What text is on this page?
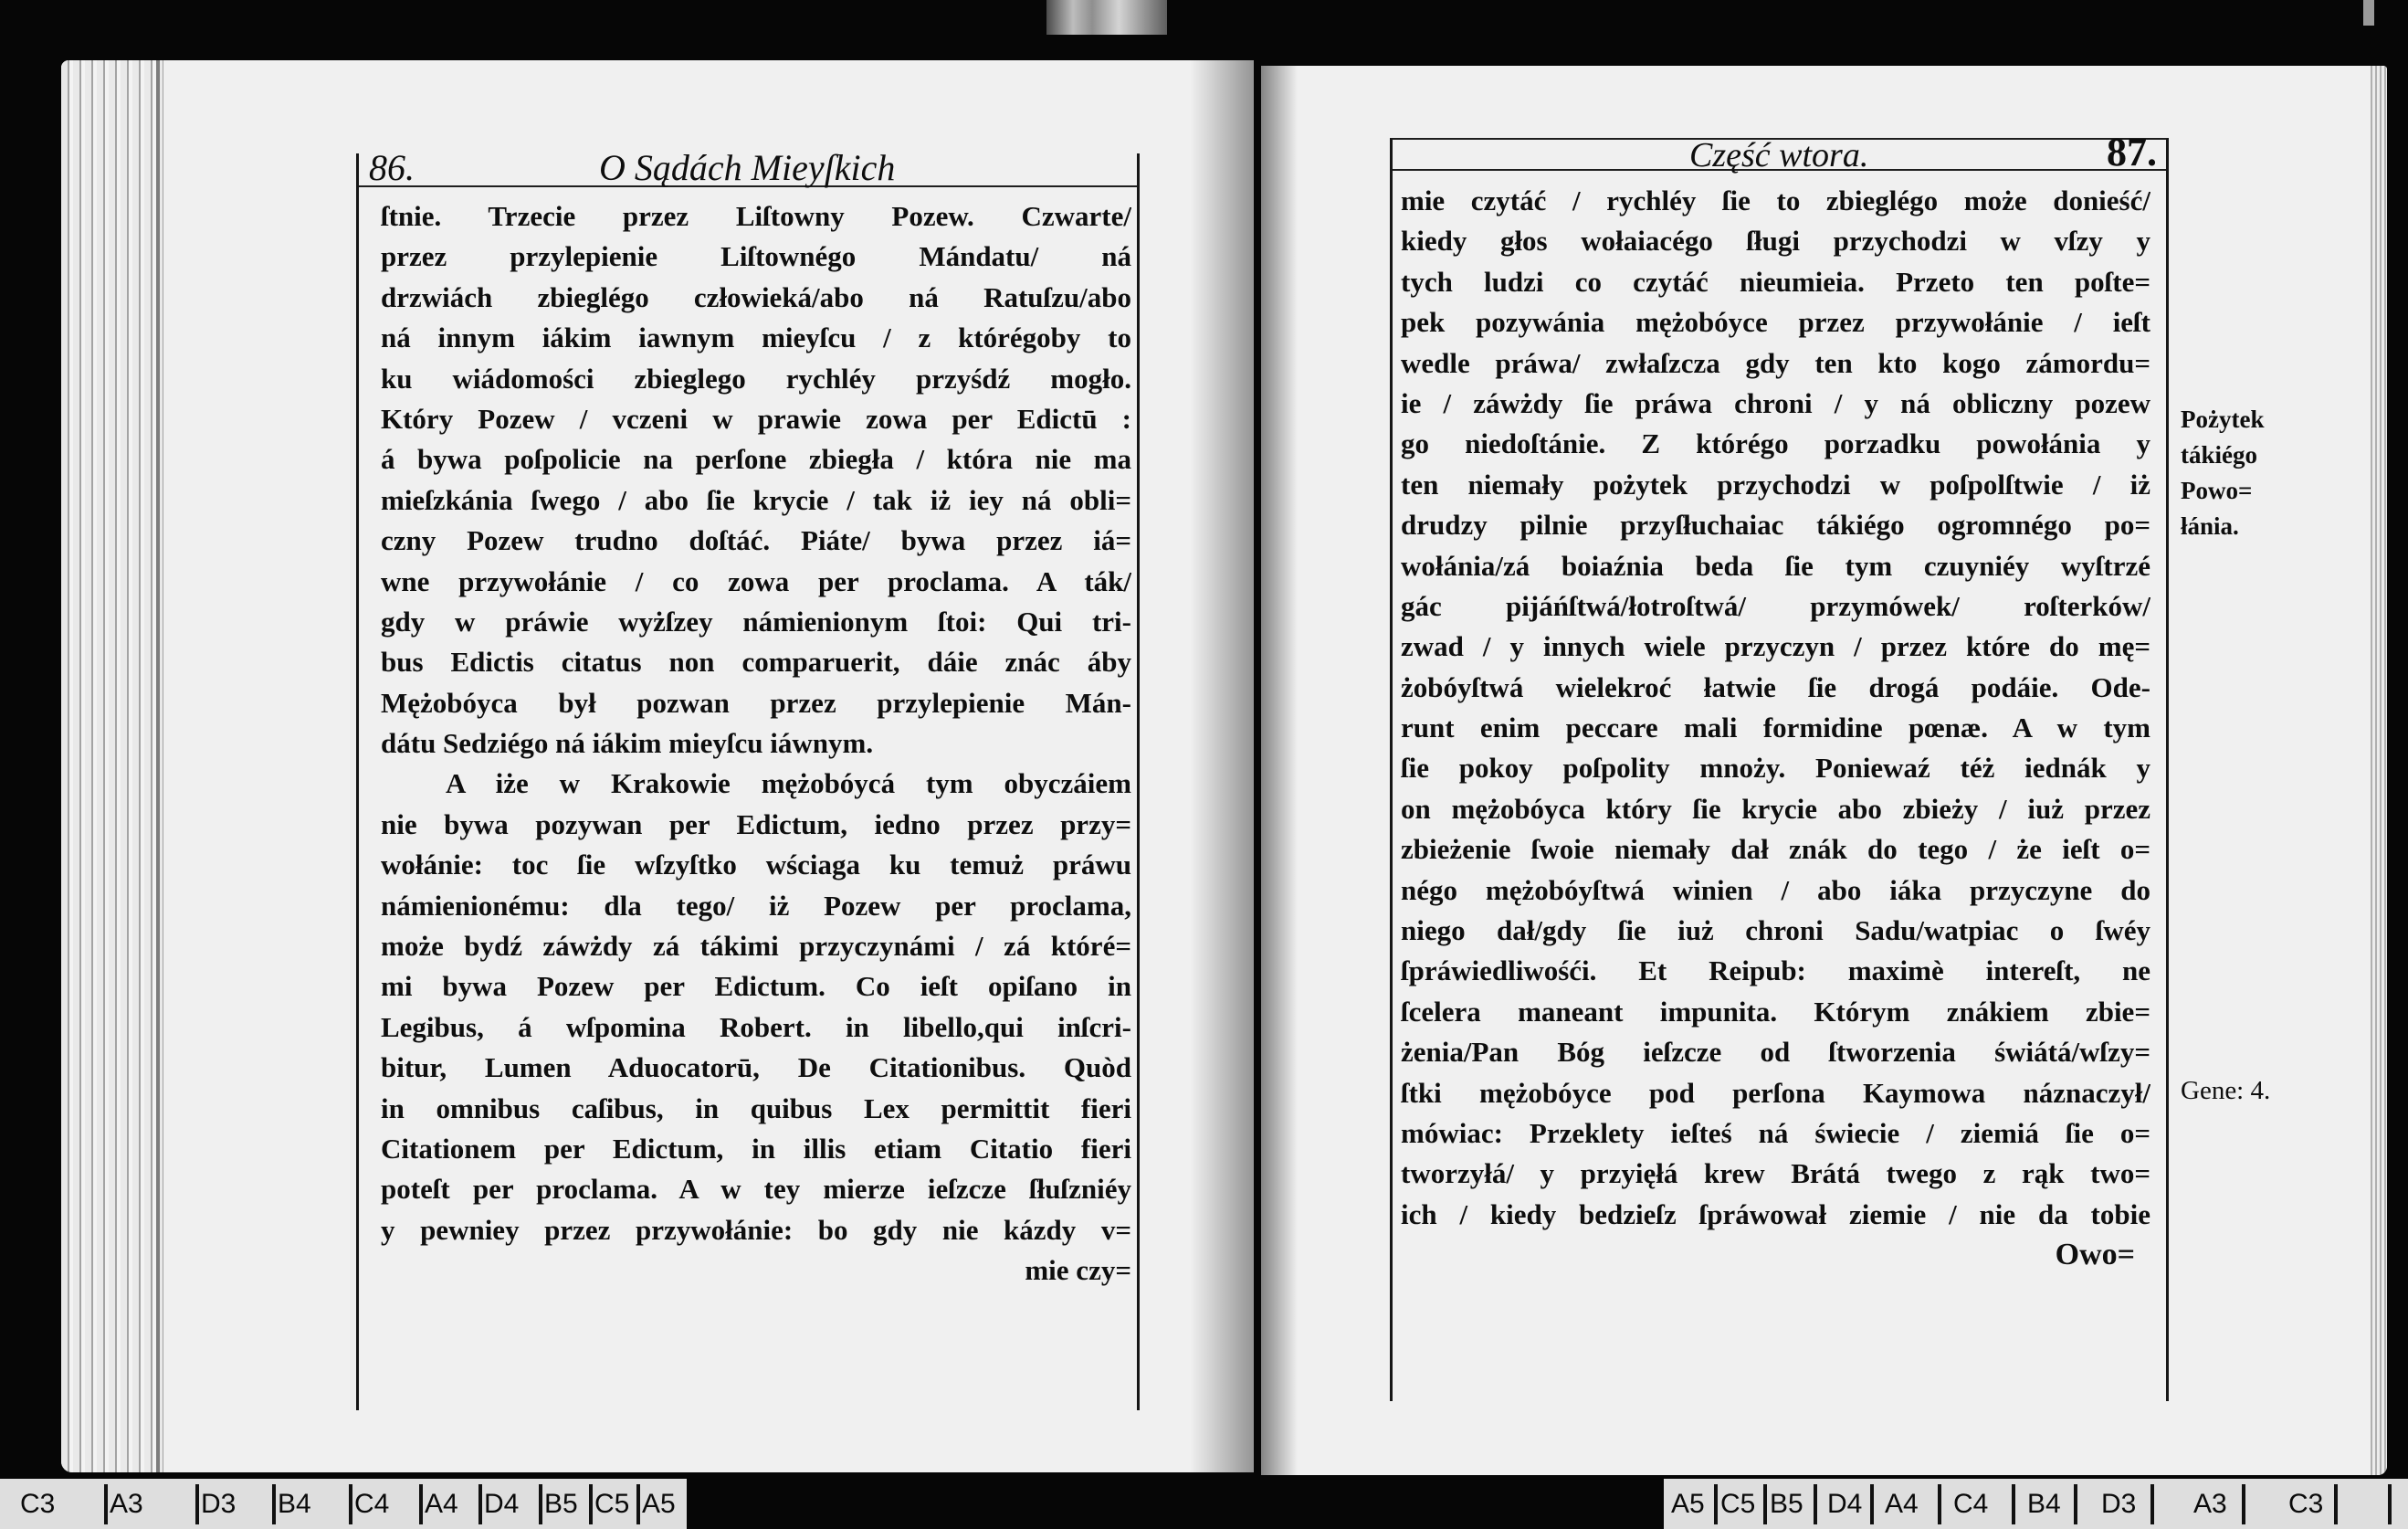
86.	O Sądách Mieyſkich
ſtnie. Trzecie przez Liſtowny Pozew. Czwarte/
przez przylepienie Liſtownégo Mándatu/ ná
drzwiách zbieglégo człowieká/abo ná Ratuſzu/abo
ná innym iákim iawnym mieyſcu / z którégoby to
ku wiádomości zbieglego rychléy przyśdź mogło.
Który Pozew / vczeni w prawie zowa per Edictū :
á bywa poſpolicie na perſone zbiegła / która nie ma
mieſzkánia ſwego / abo ſie krycie / tak iż iey ná obli=
czny Pozew trudno doſtáć. Piáte/ bywa przez iá=
wne przywołánie / co zowa per proclama. A ták/
gdy w práwie wyżſzey námienionym ſtoi: Qui tri-
bus Edictis citatus non comparuerit, dáie znác áby
Mężobóyca był pozwan przez przylepienie Mán-
dátu Sedziégo ná iákim mieyſcu iáwnym.
A iże w Krakowie mężobóycá tym obyczáiem
nie bywa pozywan per Edictum, iedno przez przy=
wołánie: toc ſie wſzyſtko wściaga ku temuż práwu
námienionému: dla tego/ iż Pozew per proclama,
może bydź záwżdy zá tákimi przyczynámi / zá któré=
mi bywa Pozew per Edictum. Co ieſt opiſano in
Legibus, á wſpomina Robert. in libello,qui inſcri-
bitur, Lumen Aduocatorū, De Citationibus. Quòd
in omnibus caſibus, in quibus Lex permittit fieri
Citationem per Edictum, in illis etiam Citatio fieri
poteſt per proclama. A w tey mierze ieſzcze ſłuſzniéy
y pewniey przez przywołánie: bo gdy nie kázdy v=
mie czy=
Część wtora.	87.
mie czytáć / rychléy ſie to zbieglégo może donieść/
kiedy głos wołaiacégo ſługi przychodzi w vſzy y
tych ludzi co czytáć nieumieia. Przeto ten poſte=
pek pozywánia mężobóyce przez przywołánie / ieſt
wedle práwa/ zwłaſzcza gdy ten kto kogo zámordu=
ie / záwżdy ſie práwa chroni / y ná obliczny pozew
go niedoſtánie. Z którégo porzadku powołánia y
ten niemały pożytek przychodzi w poſpolſtwie / iż
drudzy pilnie przyſłuchaiac tákiégo ogromnégo po=
wołánia/zá boiaźnia beda ſie tym czuyniéy wyſtrzé
gác pijáńſtwá/łotroſtwá/ przymówek/ roſterków/
zwad / y innych wiele przyczyn / przez które do mę=
żobóyſtwá wielekroć łatwie ſie drogá podáie. Ode-
runt enim peccare mali formidine pœnæ. A w tym
ſie pokoy poſpolity mnoży. Poniewaź téż iednák y
on mężobóyca który ſie krycie abo zbieży / iuż przez
zbieżenie ſwoie niemały dał znák do tego / że ieſt o=
négo mężobóyſtwá winien / abo iáka przyczyne do
niego dał/gdy ſie iuż chroni Sadu/watpiac o ſwéy
ſpráwiedliwośći. Et Reipub: maximè intereſt, ne
ſcelera maneant impunita. Którym znákiem zbie=
żenia/Pan Bóg ieſzcze od ſtworzenia świátá/wſzy=
ſtki mężobóyce pod perſona Kaymowa náznaczył/
mówiac: Przeklety ieſteś ná świecie / ziemiá ſie o=
tworzyłá/ y przyięłá krew Brátá twego z rąk two=
ich / kiedy bedzieſz ſpráwował ziemie / nie da tobie
Owo=
Pożytek
tákiégo
Powo=
łánia.
Gene: 4.
C3 A3 D3 B4 C4 A4 D4 B5 C5 A5	A5 C5 B5 D4 A4 C4 B4 D3 A3 C3
